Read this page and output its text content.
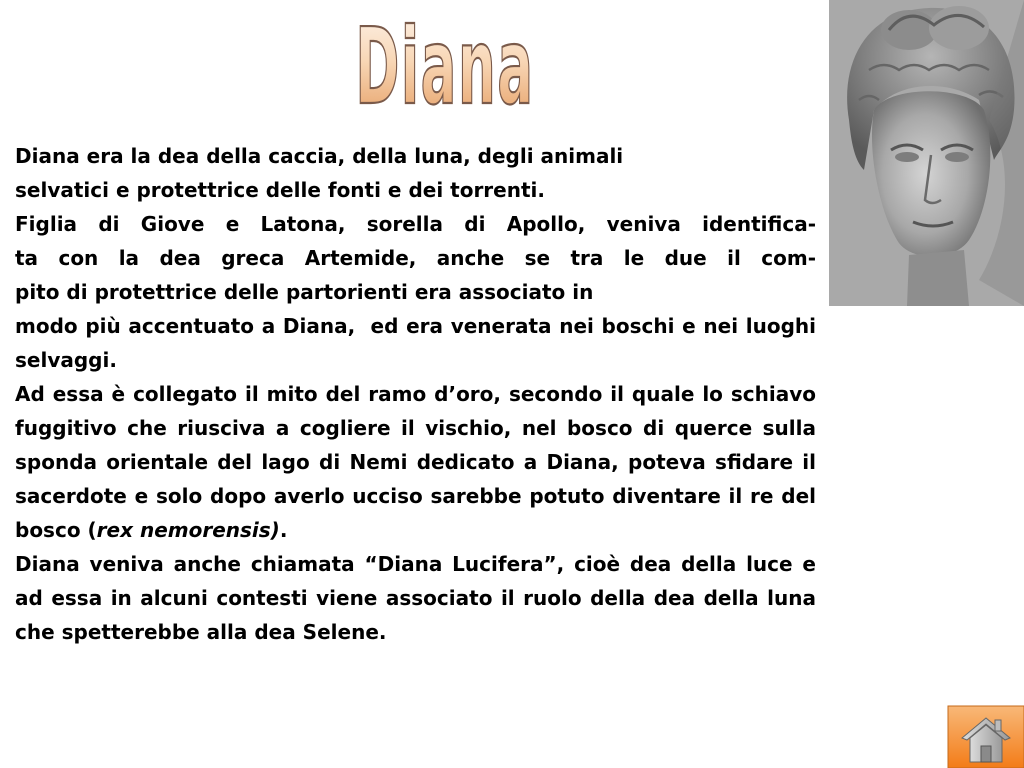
Diana

Diana era la dea della caccia, della luna, degli animali
selvatici e protettrice delle fonti e dei torrenti.

Figlia di Giove e Latona, sorella di Apollo, veniva identifica-

ta con la dea greca Artemide, anche se tra le due il com-

pito di protettrice delle partorienti era associato in

modo più accentuato a Diana,  ed era venerata nei boschi e nei luoghi selvaggi.

Ad essa è collegato il mito del ramo d’oro, secondo il quale lo schiavo fuggitivo che riusciva a cogliere il vischio, nel bosco di querce sulla sponda orientale del lago di Nemi dedicato a Diana, poteva sfidare il sacerdote e solo dopo averlo ucciso sarebbe potuto diventare il re del bosco (rex nemorensis).

Diana veniva anche chiamata “Diana Lucifera”, cioè dea della luce e ad essa in alcuni contesti viene associato il ruolo della dea della luna che spetterebbe alla dea Selene.
